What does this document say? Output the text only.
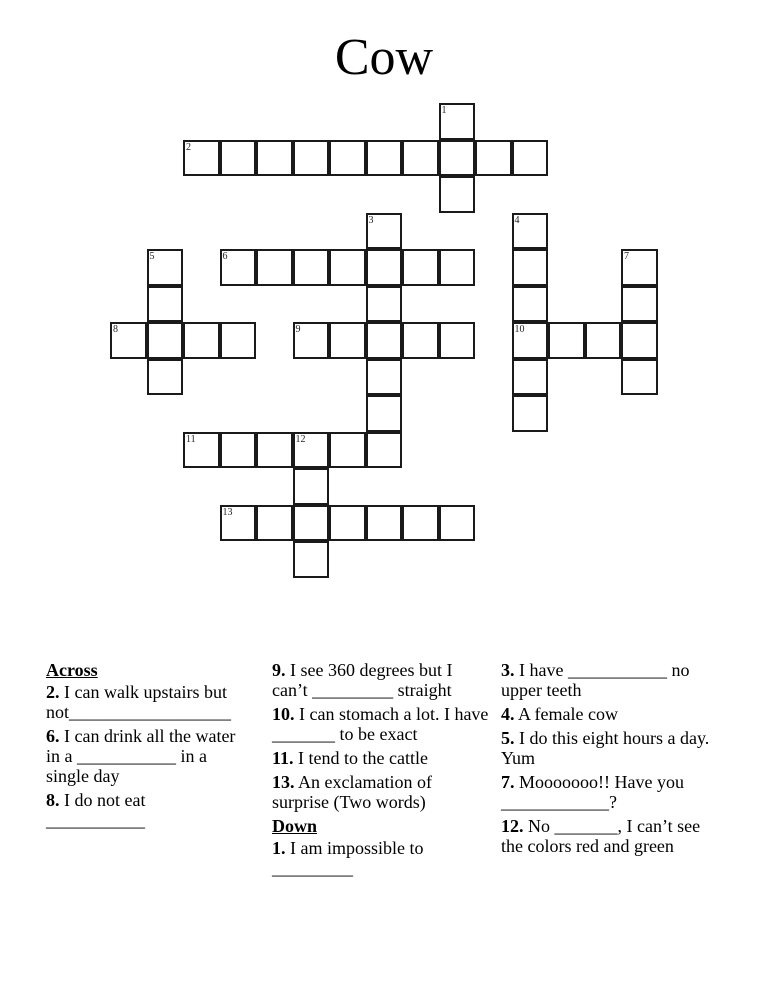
Cow
1
2
3	4
10
5	6	7
8	9
11	12
13
Across
2. I can walk upstairs but not__________________
6. I can drink all the water in a ___________ in a single day
8. I do not eat ___________
9. I see 360 degrees but I can’t _________ straight
10. I can stomach a lot. I have _______ to be exact
11. I tend to the cattle
13. An exclamation of surprise (Two words)
Down
1. I am impossible to _________
3. I have ___________ no upper teeth
4. A female cow
5. I do this eight hours a day. Yum
7. Mooooooo!! Have you ____________?
12. No _______, I can’t see the colors red and green
